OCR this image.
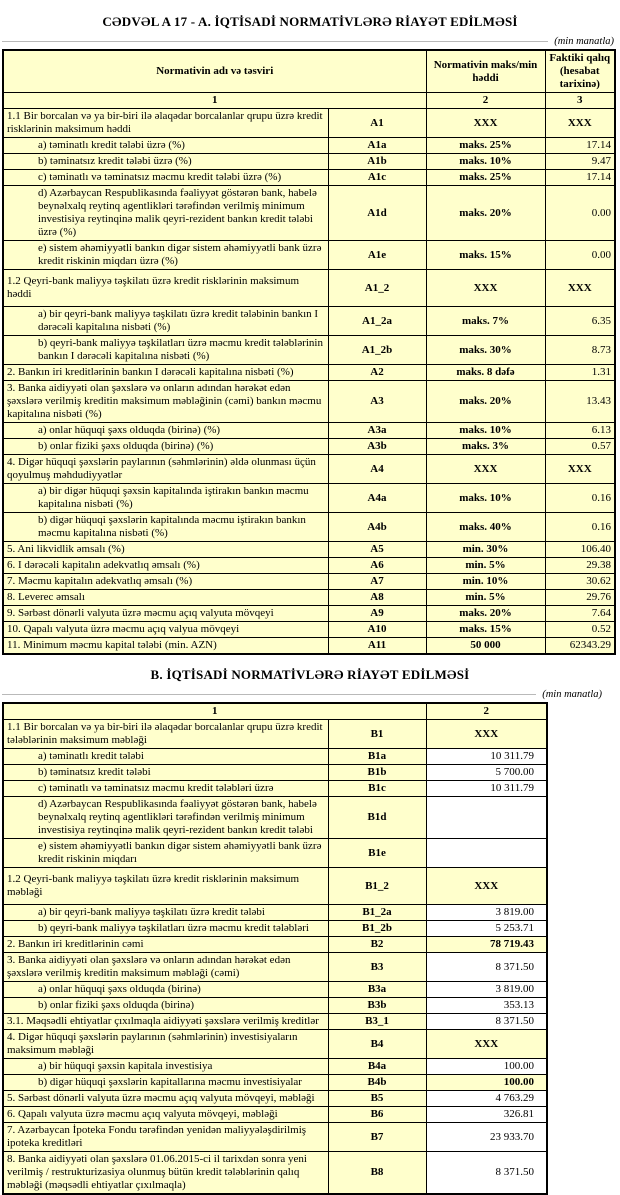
CƏDVƏL A 17 - A. İQTİSADİ NORMATİVLƏRƏ RİAYƏT EDİLMƏSİ
(min manatla)
Normativin adı və təsviri		Normativin maks/min həddi	Faktiki qalıq (hesabat tarixinə)
1		2	3
1.1 Bir borcalan və ya bir-biri ilə əlaqədar borcalanlar qrupu üzrə kredit risklərinin maksimum həddi	A1	XXX	XXX
a) təminatlı kredit tələbi üzrə (%)	A1a	maks. 25%	17.14
b) təminatsız kredit tələbi üzrə (%)	A1b	maks. 10%	9.47
c) təminatlı və təminatsız məcmu kredit tələbi üzrə (%)	A1c	maks. 25%	17.14
d) Azərbaycan Respublikasında fəaliyyət göstərən bank, habelə beynəlxalq reytinq agentlikləri tərəfindən verilmiş minimum investisiya reytinqinə malik qeyri-rezident bankın kredit tələbi üzrə (%)	A1d	maks. 20%	0.00
e) sistem əhəmiyyətli bankın digər sistem əhəmiyyətli bank üzrə kredit riskinin miqdarı üzrə (%)	A1e	maks. 15%	0.00
1.2 Qeyri-bank maliyyə təşkilatı üzrə kredit risklərinin maksimum həddi	A1_2	XXX	XXX
a) bir qeyri-bank maliyyə təşkilatı üzrə kredit tələbinin bankın I dərəcəli kapitalına nisbəti (%)	A1_2a	maks. 7%	6.35
b) qeyri-bank maliyyə təşkilatları üzrə məcmu kredit tələblərinin bankın I dərəcəli kapitalına nisbəti (%)	A1_2b	maks. 30%	8.73
2. Bankın iri kreditlərinin bankın I dərəcəli kapitalına nisbəti (%)	A2	maks. 8 dəfə	1.31
3. Banka aidiyyəti olan şəxslərə və onların adından hərəkət edən şəxslərə verilmiş kreditin maksimum məbləğinin (cəmi) bankın məcmu kapitalına nisbəti (%)	A3	maks. 20%	13.43
a) onlar hüquqi şəxs olduqda (birinə) (%)	A3a	maks. 10%	6.13
b) onlar fiziki şəxs olduqda (birinə) (%)	A3b	maks. 3%	0.57
4. Digər hüquqi şəxslərin paylarının (səhmlərinin) əldə olunması üçün qoyulmuş məhdudiyyətlər	A4	XXX	XXX
a) bir digər hüquqi şəxsin kapitalında iştirakın bankın məcmu kapitalına nisbəti (%)	A4a	maks. 10%	0.16
b) digər hüquqi şəxslərin kapitalında məcmu iştirakın bankın məcmu kapitalına nisbəti (%)	A4b	maks. 40%	0.16
5. Ani likvidlik əmsalı (%)	A5	min. 30%	106.40
6. I dərəcəli kapitalın adekvatlıq əmsalı (%)	A6	min. 5%	29.38
7. Məcmu kapitalın adekvatlıq əmsalı (%)	A7	min. 10%	30.62
8. Leverec əmsalı	A8	min. 5%	29.76
9. Sərbəst dönərli valyuta üzrə məcmu açıq valyuta mövqeyi	A9	maks. 20%	7.64
10. Qapalı valyuta üzrə məcmu açıq valyua mövqeyi	A10	maks. 15%	0.52
11. Minimum məcmu kapital tələbi (min. AZN)	A11	50 000	62343.29
B. İQTİSADİ NORMATİVLƏRƏ RİAYƏT EDİLMƏSİ
(min manatla)
1		2
1.1 Bir borcalan və ya bir-biri ilə əlaqədar borcalanlar qrupu üzrə kredit tələblərinin maksimum məbləği	B1	XXX
a) təminatlı kredit tələbi	B1a	10 311.79
b) təminatsız kredit tələbi	B1b	5 700.00
c) təminatlı və təminatsız məcmu kredit tələbləri üzrə	B1c	10 311.79
d) Azərbaycan Respublikasında fəaliyyət göstərən bank, habelə beynəlxalq reytinq agentlikləri tərəfindən verilmiş minimum investisiya reytinqinə malik qeyri-rezident bankın kredit tələbi	B1d	
e) sistem əhəmiyyətli bankın digər sistem əhəmiyyətli bank üzrə kredit riskinin miqdarı	B1e	
1.2 Qeyri-bank maliyyə təşkilatı üzrə kredit risklərinin maksimum məbləği	B1_2	XXX
a) bir qeyri-bank maliyyə təşkilatı üzrə kredit tələbi	B1_2a	3 819.00
b) qeyri-bank maliyyə təşkilatları üzrə məcmu kredit tələbləri	B1_2b	5 253.71
2. Bankın iri kreditlərinin cəmi	B2	78 719.43
3. Banka aidiyyəti olan şəxslərə və onların adından hərəkət edən şəxslərə verilmiş kreditin maksimum məbləği (cəmi)	B3	8 371.50
a) onlar hüquqi şəxs olduqda (birinə)	B3a	3 819.00
b) onlar fiziki şəxs olduqda (birinə)	B3b	353.13
3.1. Məqsədli ehtiyatlar çıxılmaqla aidiyyəti şəxslərə verilmiş kreditlər	B3_1	8 371.50
4. Digər hüquqi şəxslərin paylarının (səhmlərinin) investisiyaların maksimum məbləği	B4	XXX
a) bir hüquqi şəxsin kapitala investisiya	B4a	100.00
b) digər hüquqi şəxslərin kapitallarına məcmu investisiyalar	B4b	100.00
5. Sərbəst dönərli valyuta üzrə məcmu açıq valyuta mövqeyi, məbləği	B5	4 763.29
6. Qapalı valyuta üzrə məcmu açıq valyuta mövqeyi, məbləği	B6	326.81
7. Azərbaycan İpoteka Fondu tərəfindən yenidən maliyyələşdirilmiş ipoteka kreditləri	B7	23 933.70
8. Banka aidiyyəti olan şəxslərə 01.06.2015-ci il tarixdən sonra yeni verilmiş / restrukturizasiya olunmuş bütün kredit tələblərinin qalıq məbləği (məqsədli ehtiyatlar çıxılmaqla)	B8	8 371.50
